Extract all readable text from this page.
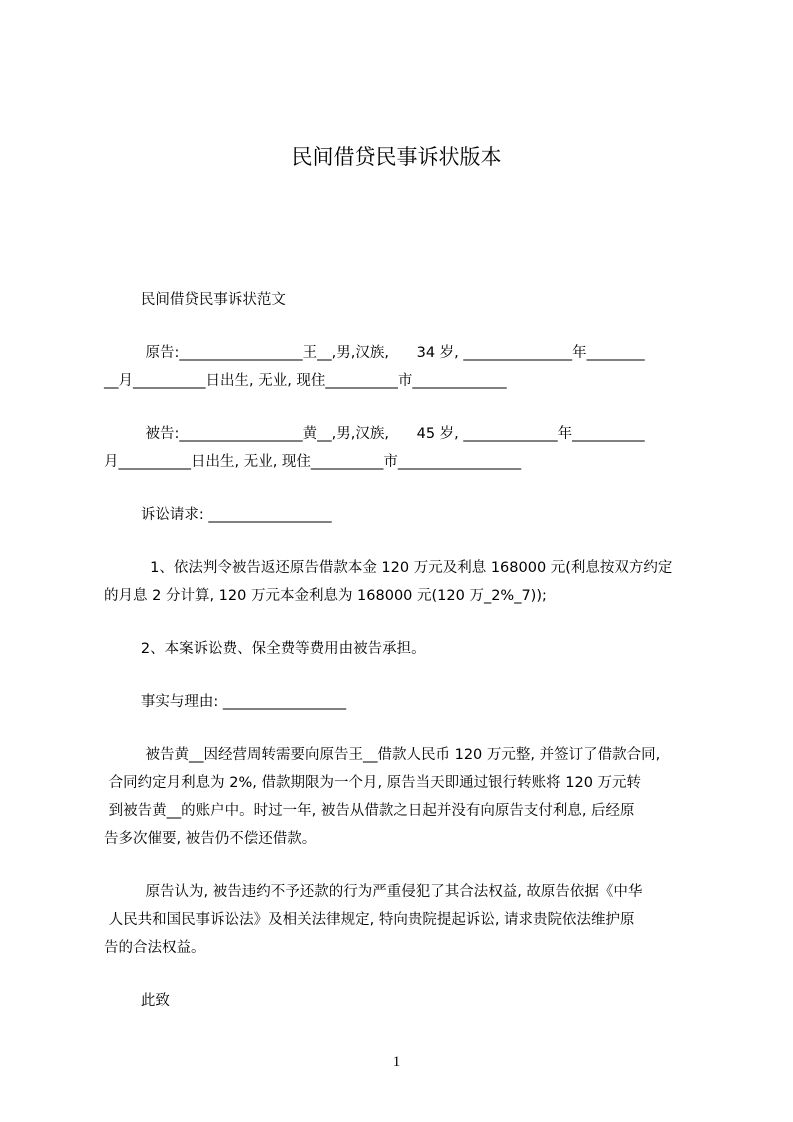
民间借贷民事诉状版本
民间借贷民事诉状范文
原告:_________________王__,男,汉族,      34 岁, _______________年________
__月__________日出生, 无业, 现住__________市_____________
被告:_________________黄__,男,汉族,      45 岁, _____________年__________
月__________日出生, 无业, 现住__________市_________________
诉讼请求: _________________
1、依法判令被告返还原告借款本金 120 万元及利息 168000 元(利息按双方约定
的月息 2 分计算, 120 万元本金利息为 168000 元(120 万_2%_7));
2、本案诉讼费、保全费等费用由被告承担。
事实与理由: _________________
被告黄__因经营周转需要向原告王__借款人民币 120 万元整, 并签订了借款合同,
合同约定月利息为 2%, 借款期限为一个月, 原告当天即通过银行转账将 120 万元转
到被告黄__的账户中。时过一年, 被告从借款之日起并没有向原告支付利息, 后经原
告多次催要, 被告仍不偿还借款。
原告认为, 被告违约不予还款的行为严重侵犯了其合法权益, 故原告依据《中华
人民共和国民事诉讼法》及相关法律规定, 特向贵院提起诉讼, 请求贵院依法维护原
告的合法权益。
此致
1
